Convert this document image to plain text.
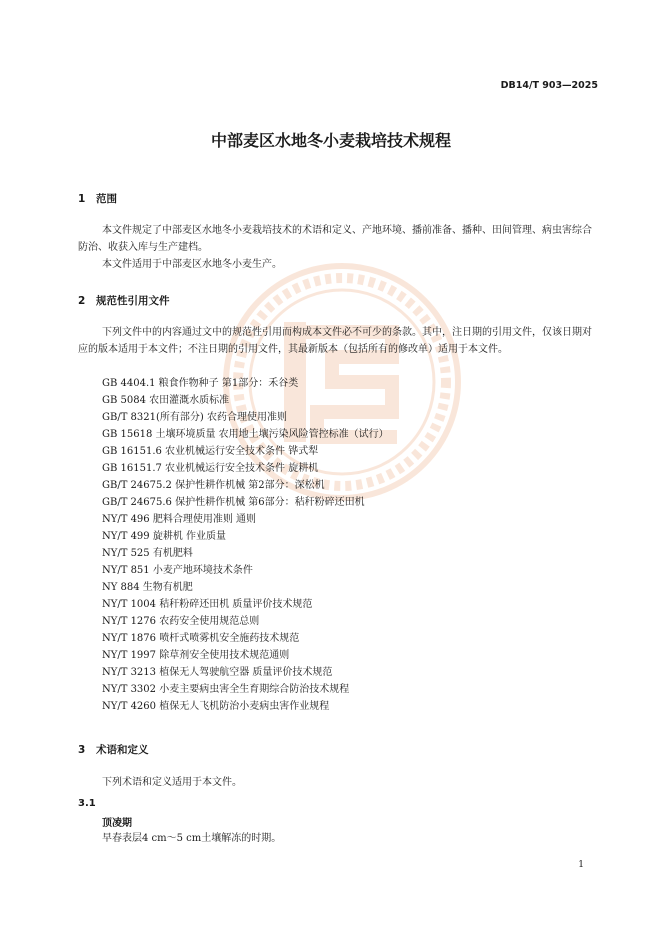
DB14/T 903—2025
中部麦区水地冬小麦栽培技术规程
1 范围
本文件规定了中部麦区水地冬小麦栽培技术的术语和定义、产地环境、播前准备、播种、田间管理、病虫害综合防治、收获入库与生产建档。
本文件适用于中部麦区水地冬小麦生产。
2 规范性引用文件
下列文件中的内容通过文中的规范性引用而构成本文件必不可少的条款。其中，注日期的引用文件，仅该日期对应的版本适用于本文件；不注日期的引用文件，其最新版本（包括所有的修改单）适用于本文件。
GB 4404.1 粮食作物种子 第1部分：禾谷类
GB 5084 农田灌溉水质标准
GB/T 8321(所有部分) 农药合理使用准则
GB 15618 土壤环境质量 农用地土壤污染风险管控标准（试行）
GB 16151.6 农业机械运行安全技术条件 铧式犁
GB 16151.7 农业机械运行安全技术条件 旋耕机
GB/T 24675.2 保护性耕作机械 第2部分：深松机
GB/T 24675.6 保护性耕作机械 第6部分：秸秆粉碎还田机
NY/T 496 肥料合理使用准则 通则
NY/T 499 旋耕机 作业质量
NY/T 525 有机肥料
NY/T 851 小麦产地环境技术条件
NY 884 生物有机肥
NY/T 1004 秸秆粉碎还田机 质量评价技术规范
NY/T 1276 农药安全使用规范总则
NY/T 1876 喷杆式喷雾机安全施药技术规范
NY/T 1997 除草剂安全使用技术规范通则
NY/T 3213 植保无人驾驶航空器 质量评价技术规范
NY/T 3302 小麦主要病虫害全生育期综合防治技术规程
NY/T 4260 植保无人飞机防治小麦病虫害作业规程
3 术语和定义
下列术语和定义适用于本文件。
3.1
顶凌期
早春表层4 cm～5 cm土壤解冻的时期。
1
